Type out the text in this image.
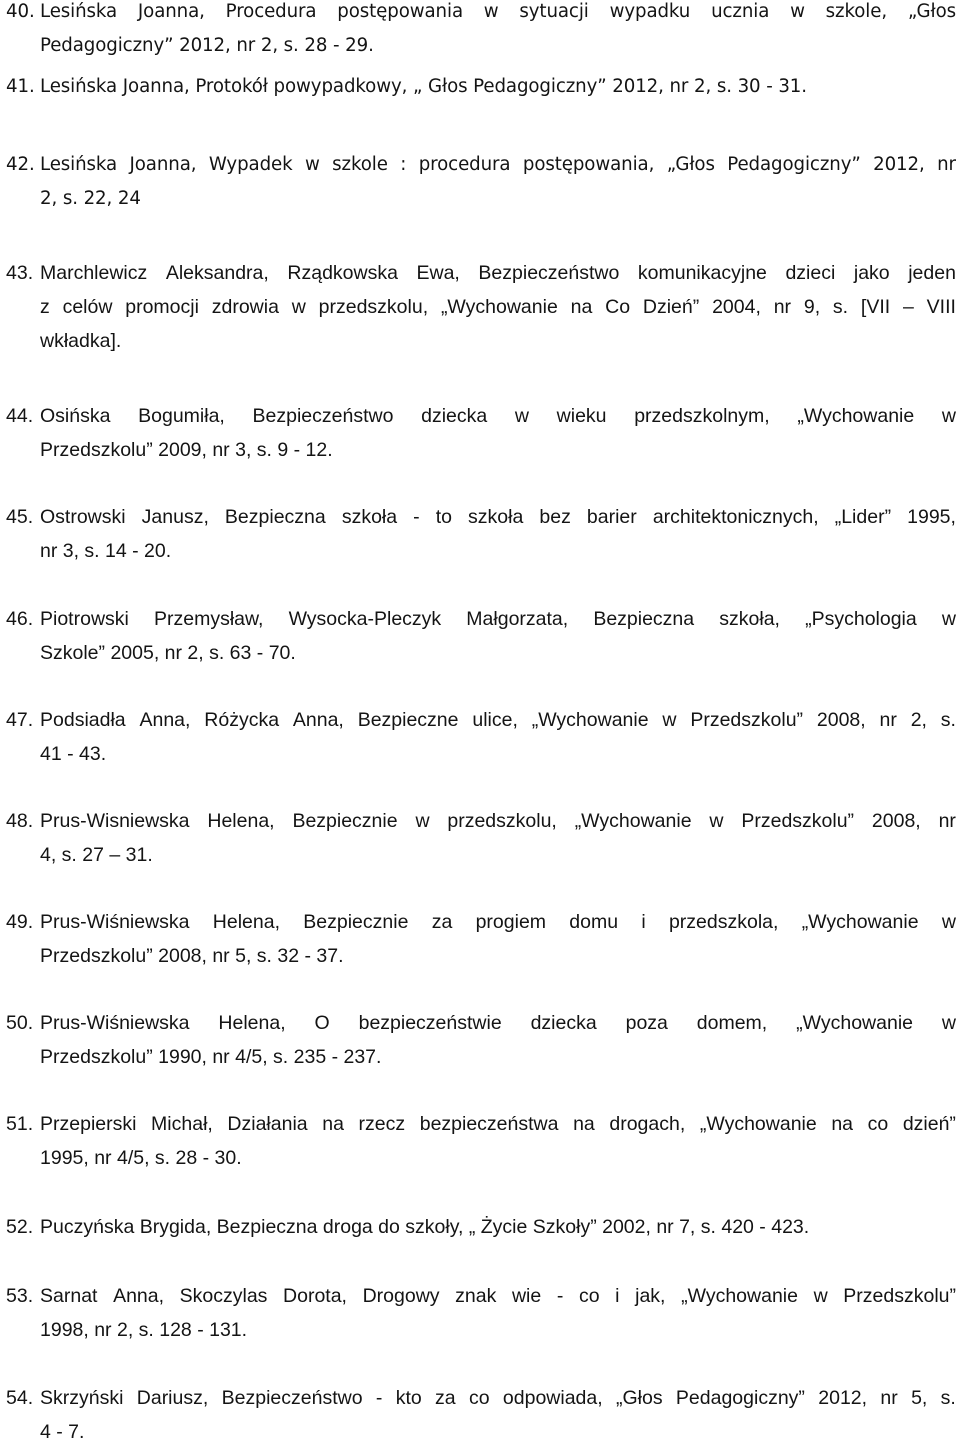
40. Lesińska Joanna, Procedura postępowania w sytuacji wypadku ucznia w szkole, „Głos
Pedagogiczny” 2012, nr 2, s. 28 - 29.
41. Lesińska Joanna, Protokół powypadkowy, „ Głos Pedagogiczny” 2012, nr 2, s. 30 - 31.
42. Lesińska Joanna, Wypadek w szkole : procedura postępowania, „Głos Pedagogiczny” 2012, nr
2, s. 22, 24
43. Marchlewicz Aleksandra, Rządkowska Ewa, Bezpieczeństwo komunikacyjne dzieci jako jeden
z celów promocji zdrowia w przedszkolu, „Wychowanie na Co Dzień” 2004, nr 9, s. [VII – VIII
wkładka].
44. Osińska Bogumiła, Bezpieczeństwo dziecka w wieku przedszkolnym, „Wychowanie w
Przedszkolu” 2009, nr 3, s. 9 - 12.
45. Ostrowski Janusz, Bezpieczna szkoła - to szkoła bez barier architektonicznych, „Lider” 1995,
nr 3, s. 14 - 20.
46. Piotrowski Przemysław, Wysocka-Pleczyk Małgorzata, Bezpieczna szkoła, „Psychologia w
Szkole” 2005, nr 2, s. 63 - 70.
47. Podsiadła Anna, Różycka Anna, Bezpieczne ulice, „Wychowanie w Przedszkolu” 2008, nr 2, s.
41 - 43.
48. Prus-Wisniewska Helena, Bezpiecznie w przedszkolu, „Wychowanie w Przedszkolu” 2008, nr
4, s. 27 – 31.
49. Prus-Wiśniewska Helena, Bezpiecznie za progiem domu i przedszkola, „Wychowanie w
Przedszkolu” 2008, nr 5, s. 32 - 37.
50. Prus-Wiśniewska Helena, O bezpieczeństwie dziecka poza domem, „Wychowanie w
Przedszkolu” 1990, nr 4/5, s. 235 - 237.
51. Przepierski Michał, Działania na rzecz bezpieczeństwa na drogach, „Wychowanie na co dzień”
1995, nr 4/5, s. 28 - 30.
52. Puczyńska Brygida, Bezpieczna droga do szkoły, „ Życie Szkoły” 2002, nr 7, s. 420 - 423.
53. Sarnat Anna, Skoczylas Dorota, Drogowy znak wie - co i jak, „Wychowanie w Przedszkolu”
1998, nr 2, s. 128 - 131.
54. Skrzyński Dariusz, Bezpieczeństwo - kto za co odpowiada, „Głos Pedagogiczny” 2012, nr 5, s.
4 - 7.
